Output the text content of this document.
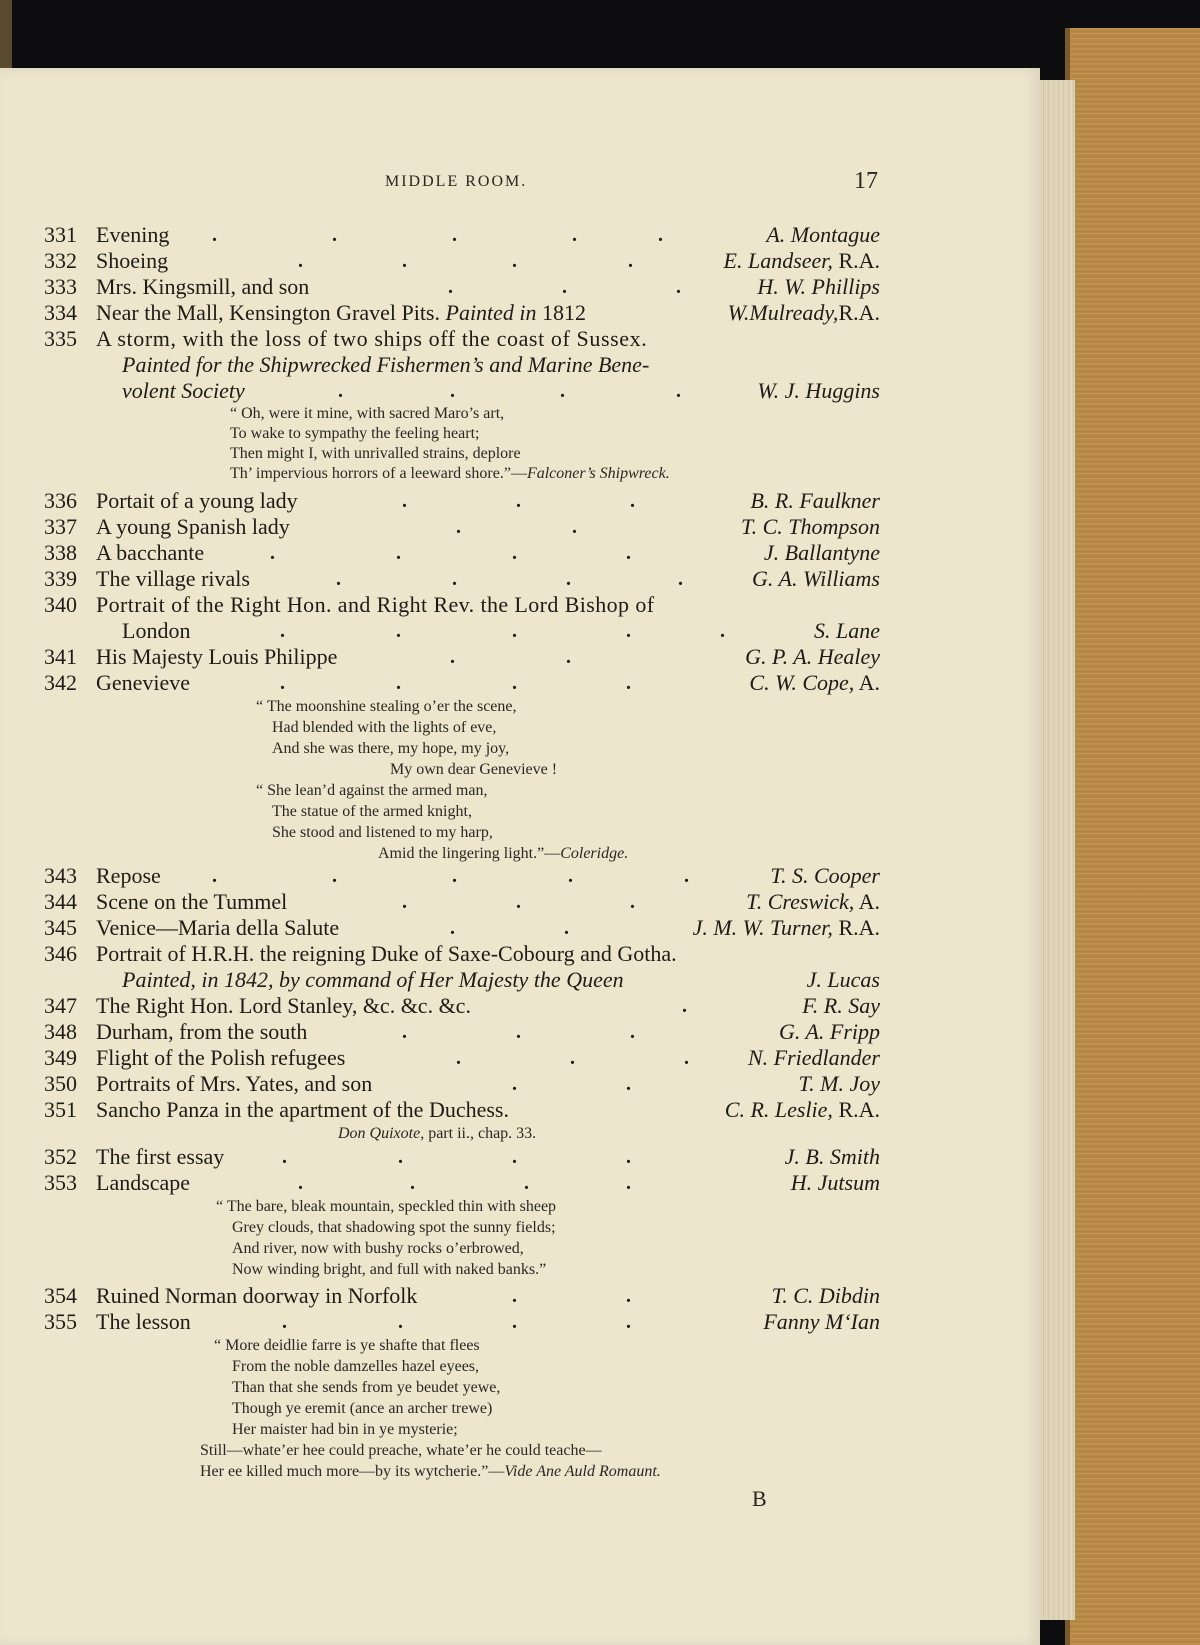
MIDDLE ROOM.	17
331 Evening .	.	.	.	.	A. Montague
332 Shoeing	.	.	.	.	E. Landseer, R.A.
333 Mrs. Kingsmill, and son	.	.	.	H. W. Phillips
334 Near the Mall, Kensington Gravel Pits. Painted in 1812	W.Mulready,R.A.
335 A storm, with the loss of two ships off the coast of Sussex.
Painted for the Shipwrecked Fishermen’s and Marine Bene-
volent Society	.	.	.	.	W. J. Huggins
“ Oh, were it mine, with sacred Maro’s art,
To wake to sympathy the feeling heart;
Then might I, with unrivalled strains, deplore
Th’ impervious horrors of a leeward shore.”—Falconer’s Shipwreck.
336 Portait of a young lady	.	.	.	B. R. Faulkner
337 A young Spanish lady	.	.	T. C. Thompson
338 A bacchante	.	.	.	.	J. Ballantyne
339 The village rivals	.	.	.	.	G. A. Williams
340 Portrait of the Right Hon. and Right Rev. the Lord Bishop of
London	.	.	.	.	.	S. Lane
341 His Majesty Louis Philippe	.	.	G. P. A. Healey
342 Genevieve	.	.	.	.	C. W. Cope, A.
“ The moonshine stealing o’er the scene,
Had blended with the lights of eve,
And she was there, my hope, my joy,
My own dear Genevieve !
“ She lean’d against the armed man,
The statue of the armed knight,
She stood and listened to my harp,
Amid the lingering light.”—Coleridge.
343 Repose	.	.	.	.	.	T. S. Cooper
344 Scene on the Tummel	.	.	.	T. Creswick, A.
345 Venice—Maria della Salute	.	.	J. M. W. Turner, R.A.
346 Portrait of H.R.H. the reigning Duke of Saxe-Cobourg and Gotha.
Painted, in 1842, by command of Her Majesty the Queen	J. Lucas
347 The Right Hon. Lord Stanley, &c. &c. &c.	.	F. R. Say
348 Durham, from the south	.	.	.	G. A. Fripp
349 Flight of the Polish refugees	.	.	.	N. Friedlander
350 Portraits of Mrs. Yates, and son	.	.	T. M. Joy
351 Sancho Panza in the apartment of the Duchess.	C. R. Leslie, R.A.
Don Quixote, part ii., chap. 33.
352 The first essay	.	.	.	.	J. B. Smith
353 Landscape	.	.	.	.	H. Jutsum
“ The bare, bleak mountain, speckled thin with sheep
Grey clouds, that shadowing spot the sunny fields;
And river, now with bushy rocks o’erbrowed,
Now winding bright, and full with naked banks.”
354 Ruined Norman doorway in Norfolk	.	.	T. C. Dibdin
355 The lesson	.	.	.	.	Fanny M‘Ian
“ More deidlie farre is ye shafte that flees
From the noble damzelles hazel eyees,
Than that she sends from ye beudet yewe,
Though ye eremit (ance an archer trewe)
Her maister had bin in ye mysterie;
Still—whate’er hee could preache, whate’er he could teache—
Her ee killed much more—by its wytcherie.”—Vide Ane Auld Romaunt.
B
